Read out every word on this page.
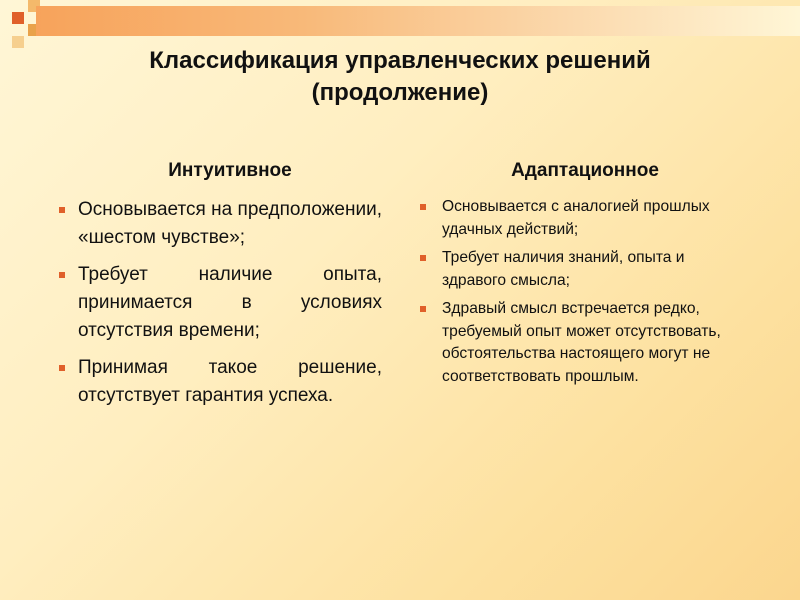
Классификация управленческих решений
(продолжение)
Интуитивное	Адаптационное
Основывается на предположении, «шестом чувстве»;
Требует наличие опыта, принимается в условиях отсутствия времени;
Принимая такое решение, отсутствует гарантия успеха.
Основывается с аналогией прошлых удачных действий;
Требует наличия знаний, опыта и здравого смысла;
Здравый смысл встречается редко, требуемый опыт может отсутствовать, обстоятельства настоящего могут не соответствовать прошлым.
